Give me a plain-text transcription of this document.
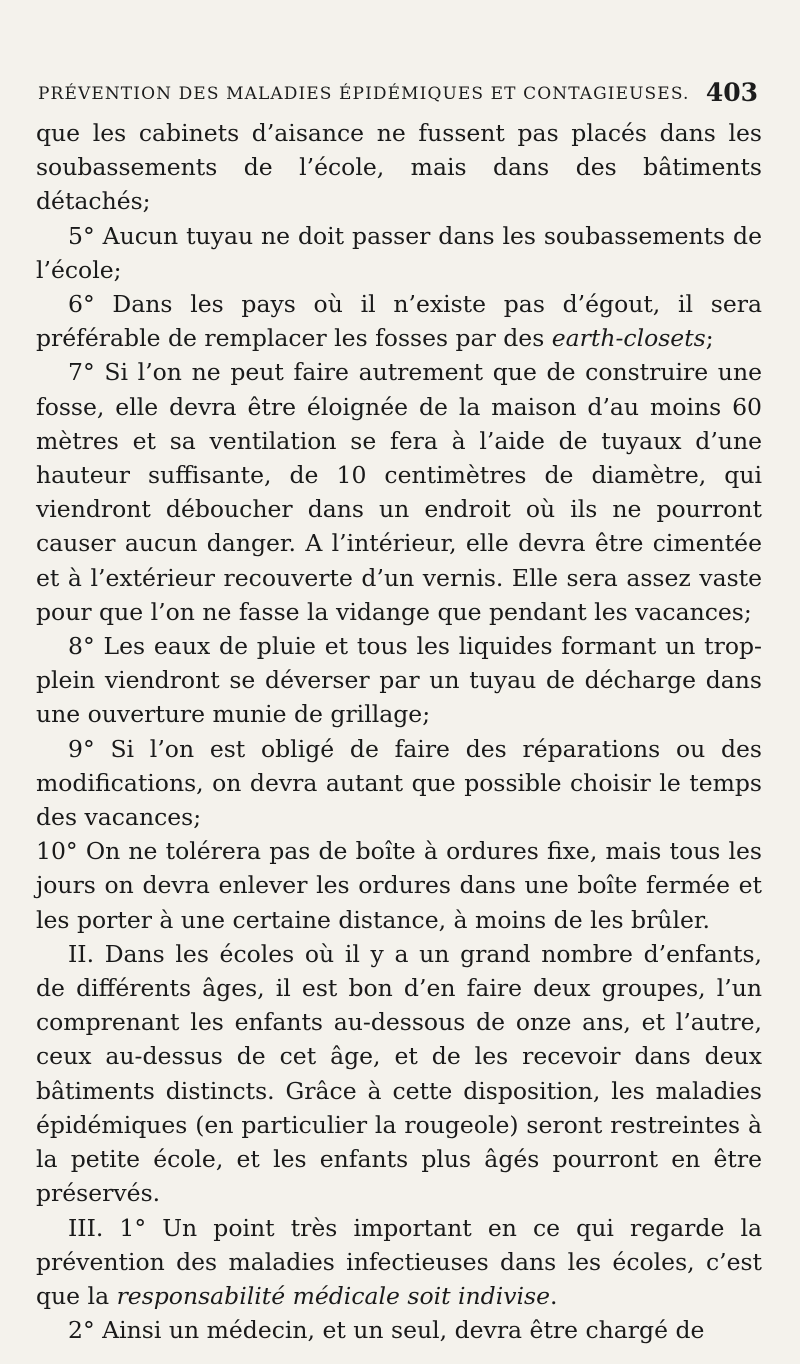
PRÉVENTION DES MALADIES ÉPIDÉMIQUES ET CONTAGIEUSES. 403

que les cabinets d’aisance ne fussent pas placés dans les soubassements de l’école, mais dans des bâtiments détachés;

5° Aucun tuyau ne doit passer dans les soubassements de l’école;

6° Dans les pays où il n’existe pas d’égout, il sera préférable de remplacer les fosses par des earth-closets;

7° Si l’on ne peut faire autrement que de construire une fosse, elle devra être éloignée de la maison d’au moins 60 mètres et sa ventilation se fera à l’aide de tuyaux d’une hauteur suffisante, de 10 centimètres de diamètre, qui viendront déboucher dans un endroit où ils ne pourront causer aucun danger. A l’intérieur, elle devra être cimentée et à l’extérieur recouverte d’un vernis. Elle sera assez vaste pour que l’on ne fasse la vidange que pendant les vacances;

8° Les eaux de pluie et tous les liquides formant un trop-plein viendront se déverser par un tuyau de décharge dans une ouverture munie de grillage;

9° Si l’on est obligé de faire des réparations ou des modifications, on devra autant que possible choisir le temps des vacances;

10° On ne tolérera pas de boîte à ordures fixe, mais tous les jours on devra enlever les ordures dans une boîte fermée et les porter à une certaine distance, à moins de les brûler.

II. Dans les écoles où il y a un grand nombre d’enfants, de différents âges, il est bon d’en faire deux groupes, l’un comprenant les enfants au-dessous de onze ans, et l’autre, ceux au-dessus de cet âge, et de les recevoir dans deux bâtiments distincts. Grâce à cette disposition, les maladies épidémiques (en particulier la rougeole) seront restreintes à la petite école, et les enfants plus âgés pourront en être préservés.

III. 1° Un point très important en ce qui regarde la prévention des maladies infectieuses dans les écoles, c’est que la responsabilité médicale soit indivise.

2° Ainsi un médecin, et un seul, devra être chargé de
